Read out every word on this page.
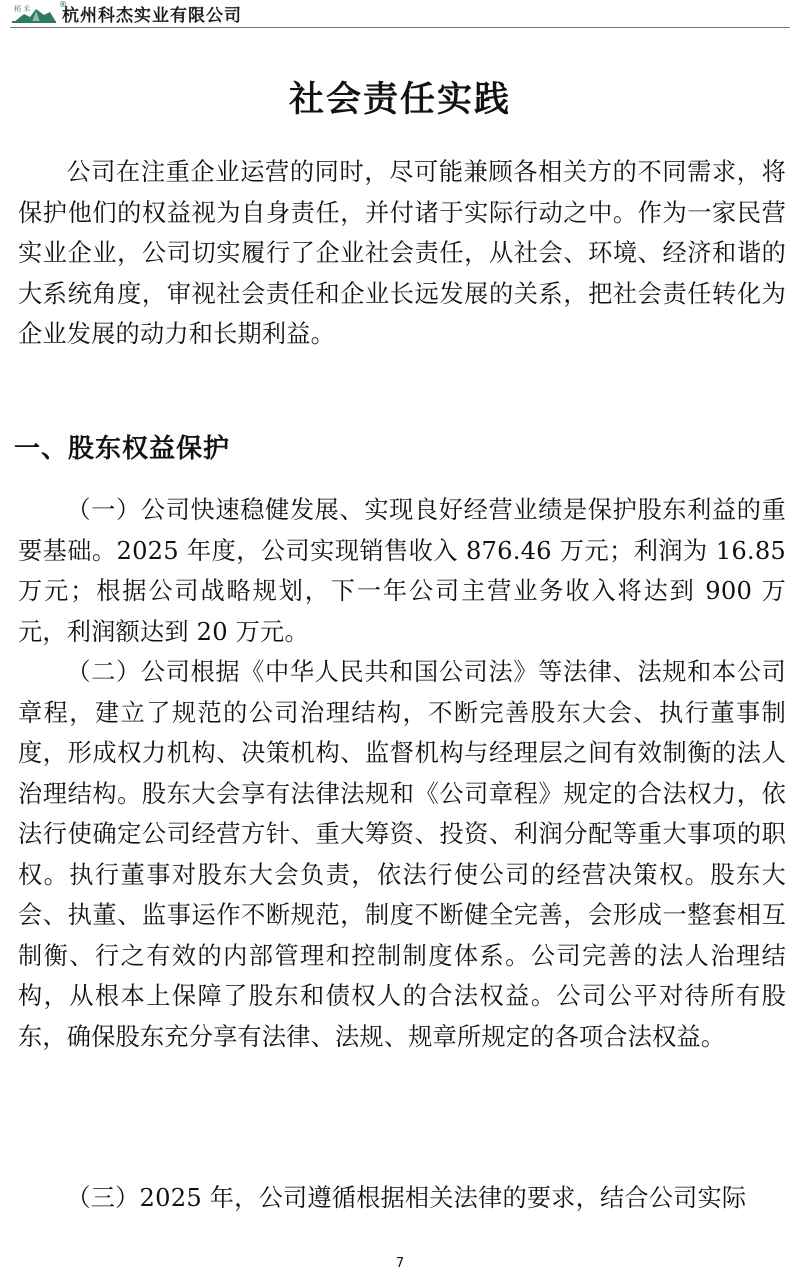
稻 禾	®
杭州科杰实业有限公司
社会责任实践

公司在注重企业运营的同时，尽可能兼顾各相关方的不同需求，将保护他们的权益视为自身责任，并付诸于实际行动之中。作为一家民营实业企业，公司切实履行了企业社会责任，从社会、环境、经济和谐的大系统角度，审视社会责任和企业长远发展的关系，把社会责任转化为企业发展的动力和长期利益。

一、股东权益保护

（一）公司快速稳健发展、实现良好经营业绩是保护股东利益的重要基础。2025 年度，公司实现销售收入 876.46 万元；利润为 16.85 万元；根据公司战略规划，下一年公司主营业务收入将达到 900 万元，利润额达到 20 万元。

（二）公司根据《中华人民共和国公司法》等法律、法规和本公司章程，建立了规范的公司治理结构，不断完善股东大会、执行董事制度，形成权力机构、决策机构、监督机构与经理层之间有效制衡的法人治理结构。股东大会享有法律法规和《公司章程》规定的合法权力，依法行使确定公司经营方针、重大筹资、投资、利润分配等重大事项的职权。执行董事对股东大会负责，依法行使公司的经营决策权。股东大会、执董、监事运作不断规范，制度不断健全完善，会形成一整套相互制衡、行之有效的内部管理和控制制度体系。公司完善的法人治理结构，从根本上保障了股东和债权人的合法权益。公司公平对待所有股东，确保股东充分享有法律、法规、规章所规定的各项合法权益。

（三）2025 年，公司遵循根据相关法律的要求，结合公司实际

7
